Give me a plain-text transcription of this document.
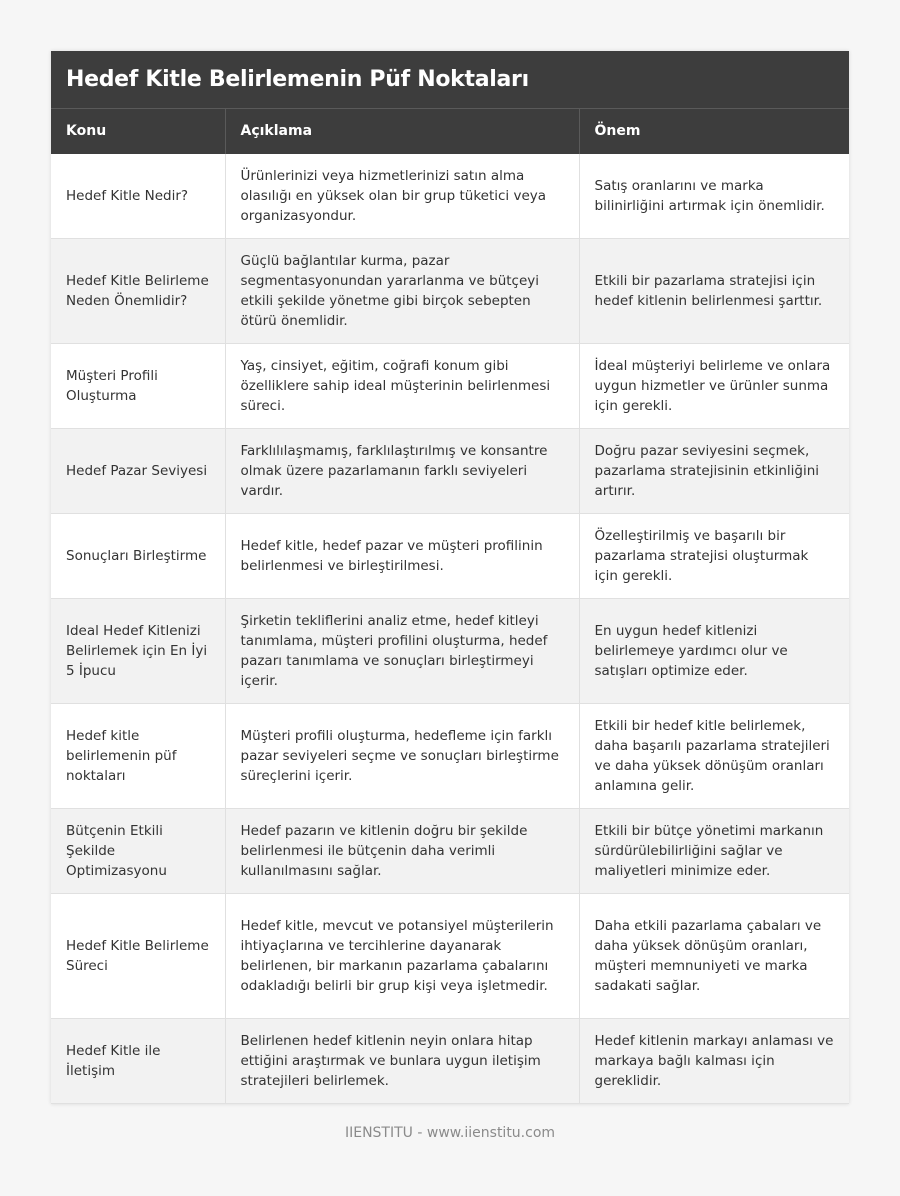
Hedef Kitle Belirlemenin Püf Noktaları
Konu	Açıklama	Önem
Hedef Kitle Nedir?	Ürünlerinizi veya hizmetlerinizi satın alma olasılığı en yüksek olan bir grup tüketici veya organizasyondur.	Satış oranlarını ve marka bilinirliğini artırmak için önemlidir.
Hedef Kitle Belirleme Neden Önemlidir?	Güçlü bağlantılar kurma, pazar segmentasyonundan yararlanma ve bütçeyi etkili şekilde yönetme gibi birçok sebepten ötürü önemlidir.	Etkili bir pazarlama stratejisi için hedef kitlenin belirlenmesi şarttır.
Müşteri Profili Oluşturma	Yaş, cinsiyet, eğitim, coğrafi konum gibi özelliklere sahip ideal müşterinin belirlenmesi süreci.	İdeal müşteriyi belirleme ve onlara uygun hizmetler ve ürünler sunma için gerekli.
Hedef Pazar Seviyesi	Farklılılaşmamış, farklılaştırılmış ve konsantre olmak üzere pazarlamanın farklı seviyeleri vardır.	Doğru pazar seviyesini seçmek, pazarlama stratejisinin etkinliğini artırır.
Sonuçları Birleştirme	Hedef kitle, hedef pazar ve müşteri profilinin belirlenmesi ve birleştirilmesi.	Özelleştirilmiş ve başarılı bir pazarlama stratejisi oluşturmak için gerekli.
Ideal Hedef Kitlenizi Belirlemek için En İyi 5 İpucu	Şirketin tekliflerini analiz etme, hedef kitleyi tanımlama, müşteri profilini oluşturma, hedef pazarı tanımlama ve sonuçları birleştirmeyi içerir.	En uygun hedef kitlenizi belirlemeye yardımcı olur ve satışları optimize eder.
Hedef kitle belirlemenin püf noktaları	Müşteri profili oluşturma, hedefleme için farklı pazar seviyeleri seçme ve sonuçları birleştirme süreçlerini içerir.	Etkili bir hedef kitle belirlemek, daha başarılı pazarlama stratejileri ve daha yüksek dönüşüm oranları anlamına gelir.
Bütçenin Etkili Şekilde Optimizasyonu	Hedef pazarın ve kitlenin doğru bir şekilde belirlenmesi ile bütçenin daha verimli kullanılmasını sağlar.	Etkili bir bütçe yönetimi markanın sürdürülebilirliğini sağlar ve maliyetleri minimize eder.
Hedef Kitle Belirleme Süreci	Hedef kitle, mevcut ve potansiyel müşterilerin ihtiyaçlarına ve tercihlerine dayanarak belirlenen, bir markanın pazarlama çabalarını odakladığı belirli bir grup kişi veya işletmedir.	Daha etkili pazarlama çabaları ve daha yüksek dönüşüm oranları, müşteri memnuniyeti ve marka sadakati sağlar.
Hedef Kitle ile İletişim	Belirlenen hedef kitlenin neyin onlara hitap ettiğini araştırmak ve bunlara uygun iletişim stratejileri belirlemek.	Hedef kitlenin markayı anlaması ve markaya bağlı kalması için gereklidir.
IIENSTITU - www.iienstitu.com
